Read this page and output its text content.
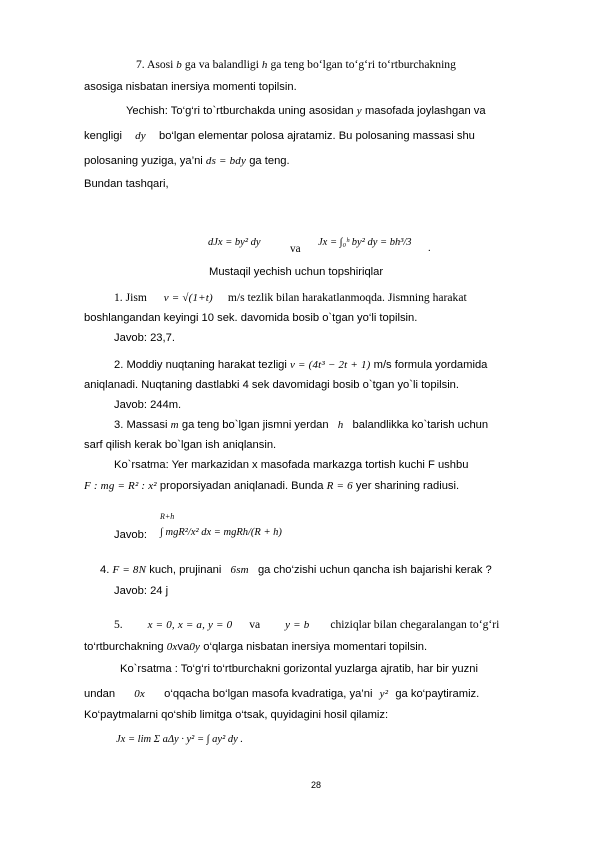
7. Asosi b ga va balandligi h ga teng bo‘lgan to‘g‘ri to‘rtburchakning
asosiga nisbatan inersiya momenti topilsin.
Yechish: To‘g‘ri to`rtburchakda uning asosidan y masofada joylashgan va
kengligi dy bo‘lgan elementar polosa ajratamiz. Bu polosaning massasi shu
polosaning yuziga, ya’ni ds = bdy ga teng.
Bundan tashqari,
dJx = by² dy
va
Jx = ∫₀ʰ by² dy = bh³/3
.
Mustaqil yechish uchun topshiriqlar
1. Jism v = √(1+t) m/s tezlik bilan harakatlanmoqda. Jismning harakat
boshlangandan keyingi 10 sek. davomida bosib o`tgan yo‘li topilsin.
Javob: 23,7.
2. Moddiy nuqtaning harakat tezligi v = (4t³ − 2t + 1) m/s formula yordamida
aniqlanadi. Nuqtaning dastlabki 4 sek davomidagi bosib o`tgan yo`li topilsin.
Javob: 244m.
3. Massasi m ga teng bo`lgan jismni yerdan h balandlikka ko`tarish uchun
sarf qilish kerak bo`lgan ish aniqlansin.
Ko`rsatma: Yer markazidan x masofada markazga tortish kuchi F ushbu
F : mg = R² : x² proporsiyadan aniqlanadi. Bunda R = 6 yer sharining radiusi.
Javob:
R+h
∫ mgR²/x² dx = mgRh/(R + h)
4. F = 8N kuch, prujinani 6sm ga cho‘zishi uchun qancha ish bajarishi kerak ?
Javob: 24 j
5. x = 0, x = a, y = 0 va y = b chiziqlar bilan chegaralangan to‘g‘ri
to‘rtburchakning 0xva0y o‘qlarga nisbatan inersiya momentari topilsin.
Ko`rsatma : To‘g‘ri to‘rtburchakni gorizontal yuzlarga ajratib, har bir yuzni
undan 0x o‘qqacha bo‘lgan masofa kvadratiga, ya’ni y² ga ko‘paytiramiz.
Ko‘paytmalarni qo‘shib limitga o‘tsak, quyidagini hosil qilamiz:
Jx = lim Σ aΔy · y² = ∫ ay² dy .
28
